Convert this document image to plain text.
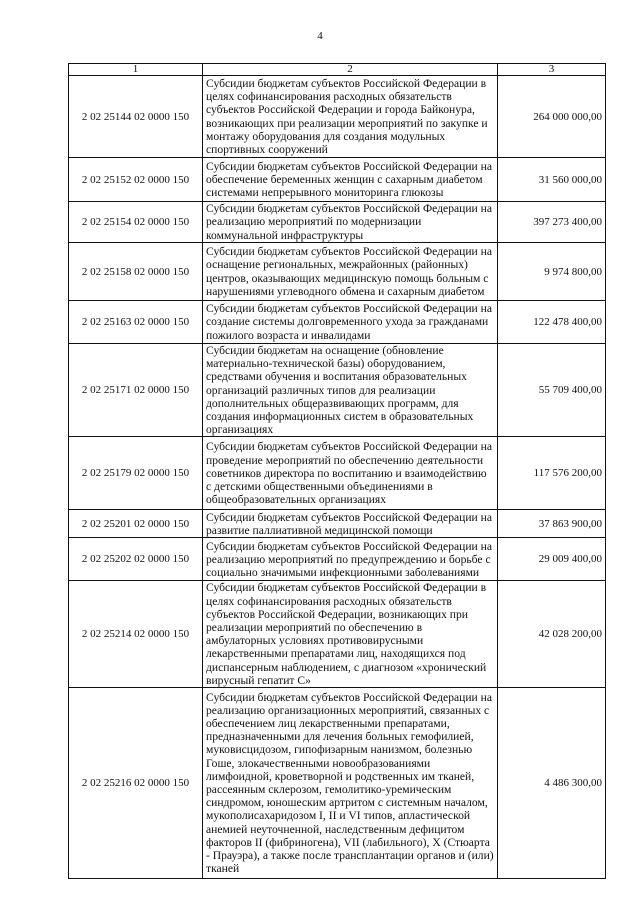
4
1	2	3
2 02 25144 02 0000 150	Субсидии бюджетам субъектов Российской Федерации в целях софинансирования расходных обязательств субъектов Российской Федерации и города Байконура, возникающих при реализации мероприятий по закупке и монтажу оборудования для создания модульных спортивных сооружений	264 000 000,00
2 02 25152 02 0000 150	Субсидии бюджетам субъектов Российской Федерации на обеспечение беременных женщин с сахарным диабетом системами непрерывного мониторинга глюкозы	31 560 000,00
2 02 25154 02 0000 150	Субсидии бюджетам субъектов Российской Федерации на реализацию мероприятий по модернизации коммунальной инфраструктуры	397 273 400,00
2 02 25158 02 0000 150	Субсидии бюджетам субъектов Российской Федерации на оснащение региональных, межрайонных (районных) центров, оказывающих медицинскую помощь больным с нарушениями углеводного обмена и сахарным диабетом	9 974 800,00
2 02 25163 02 0000 150	Субсидии бюджетам субъектов Российской Федерации на создание системы долговременного ухода за гражданами пожилого возраста и инвалидами	122 478 400,00
2 02 25171 02 0000 150	Субсидии бюджетам на оснащение (обновление материально-технической базы) оборудованием, средствами обучения и воспитания образовательных организаций различных типов для реализации дополнительных общеразвивающих программ, для создания информационных систем в образовательных организациях	55 709 400,00
2 02 25179 02 0000 150	Субсидии бюджетам субъектов Российской Федерации на проведение мероприятий по обеспечению деятельности советников директора по воспитанию и взаимодействию с детскими общественными объединениями в общеобразовательных организациях	117 576 200,00
2 02 25201 02 0000 150	Субсидии бюджетам субъектов Российской Федерации на развитие паллиативной медицинской помощи	37 863 900,00
2 02 25202 02 0000 150	Субсидии бюджетам субъектов Российской Федерации на реализацию мероприятий по предупреждению и борьбе с социально значимыми инфекционными заболеваниями	29 009 400,00
2 02 25214 02 0000 150	Субсидии бюджетам субъектов Российской Федерации в целях софинансирования расходных обязательств субъектов Российской Федерации, возникающих при реализации мероприятий по обеспечению в амбулаторных условиях противовирусными лекарственными препаратами лиц, находящихся под диспансерным наблюдением, с диагнозом «хронический вирусный гепатит С»	42 028 200,00
2 02 25216 02 0000 150	Субсидии бюджетам субъектов Российской Федерации на реализацию организационных мероприятий, связанных с обеспечением лиц лекарственными препаратами, предназначенными для лечения больных гемофилией, муковисцидозом, гипофизарным нанизмом, болезнью Гоше, злокачественными новообразованиями лимфоидной, кроветворной и родственных им тканей, рассеянным склерозом, гемолитико-уремическим синдромом, юношеским артритом с системным началом, мукополисахаридозом I, II и VI типов, апластической анемией неуточненной, наследственным дефицитом факторов II (фибриногена), VII (лабильного), X (Стюарта - Прауэра), а также после трансплантации органов и (или) тканей	4 486 300,00
